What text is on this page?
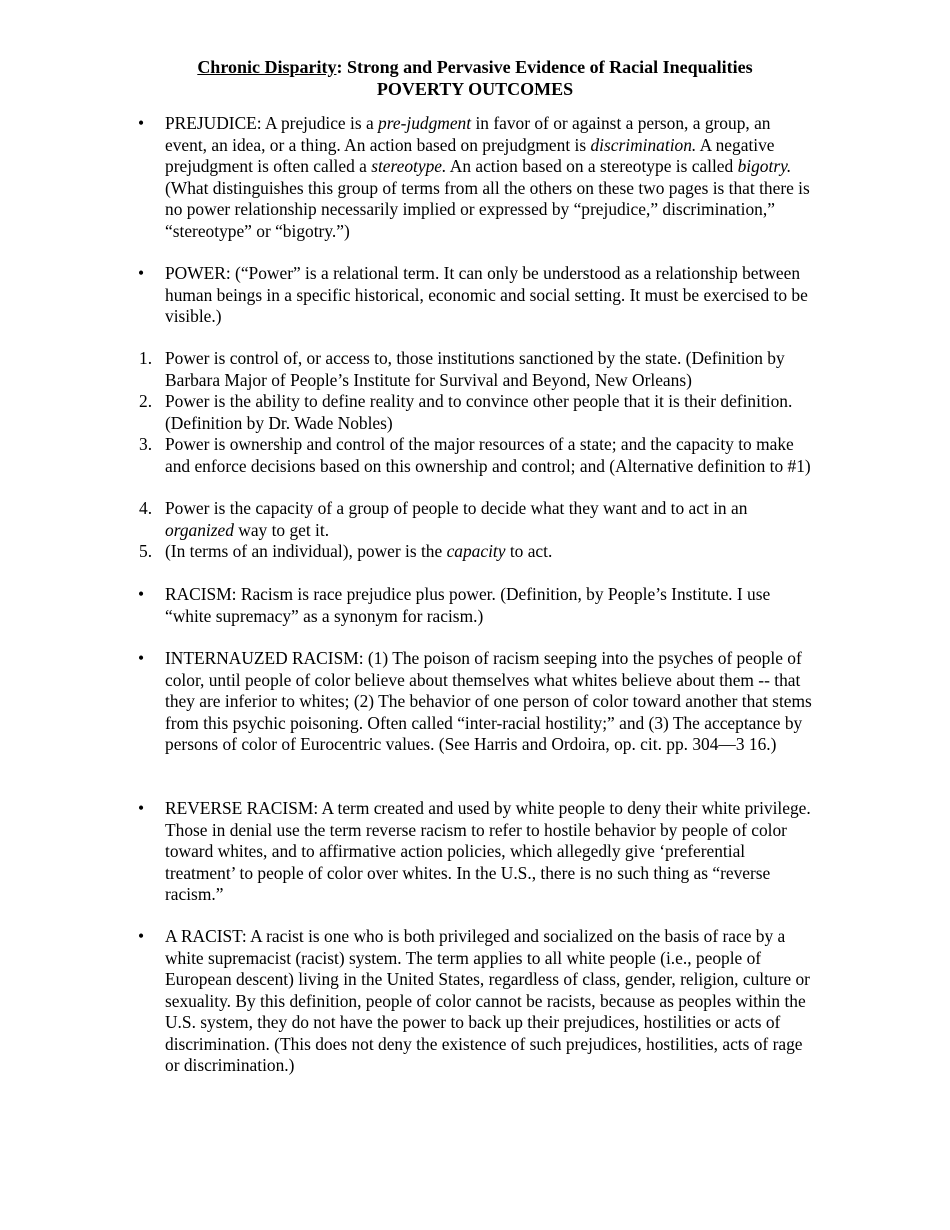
Chronic Disparity: Strong and Pervasive Evidence of Racial Inequalities
POVERTY OUTCOMES
• PREJUDICE: A prejudice is a pre-judgment in favor of or against a person, a group, an event, an idea, or a thing. An action based on prejudgment is discrimination. A negative prejudgment is often called a stereotype. An action based on a stereotype is called bigotry. (What distinguishes this group of terms from all the others on these two pages is that there is no power relationship necessarily implied or expressed by “prejudice,” discrimination,” “stereotype” or “bigotry.”)

• POWER: (“Power” is a relational term. It can only be understood as a relationship between human beings in a specific historical, economic and social setting. It must be exercised to be visible.)

1. Power is control of, or access to, those institutions sanctioned by the state. (Definition by Barbara Major of People’s Institute for Survival and Beyond, New Orleans)

2. Power is the ability to define reality and to convince other people that it is their definition. (Definition by Dr. Wade Nobles)

3. Power is ownership and control of the major resources of a state; and the capacity to make and enforce decisions based on this ownership and control; and (Alternative definition to #1)

4. Power is the capacity of a group of people to decide what they want and to act in an organized way to get it.

5. (In terms of an individual), power is the capacity to act.

• RACISM: Racism is race prejudice plus power. (Definition, by People’s Institute. I use “white supremacy” as a synonym for racism.)

• INTERNAUZED RACISM: (1) The poison of racism seeping into the psyches of people of color, until people of color believe about themselves what whites believe about them -- that they are inferior to whites; (2) The behavior of one person of color toward another that stems from this psychic poisoning. Often called “inter-racial hostility;” and (3) The acceptance by persons of color of Eurocentric values. (See Harris and Ordoira, op. cit. pp. 304—3 16.)

• REVERSE RACISM: A term created and used by white people to deny their white privilege. Those in denial use the term reverse racism to refer to hostile behavior by people of color toward whites, and to affirmative action policies, which allegedly give ‘preferential treatment’ to people of color over whites. In the U.S., there is no such thing as “reverse racism.”

• A RACIST: A racist is one who is both privileged and socialized on the basis of race by a white supremacist (racist) system. The term applies to all white people (i.e., people of European descent) living in the United States, regardless of class, gender, religion, culture or sexuality. By this definition, people of color cannot be racists, because as peoples within the U.S. system, they do not have the power to back up their prejudices, hostilities or acts of discrimination. (This does not deny the existence of such prejudices, hostilities, acts of rage or discrimination.)
